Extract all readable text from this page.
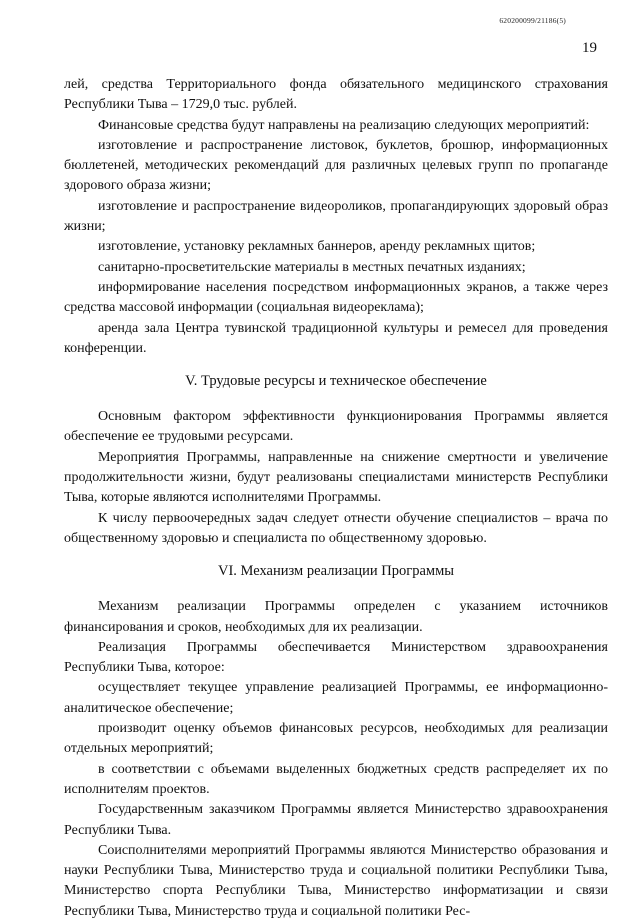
620200099/21186(5)
19

лей, средства Территориального фонда обязательного медицинского страхования Республики Тыва – 1729,0 тыс. рублей.

Финансовые средства будут направлены на реализацию следующих мероприятий:

изготовление и распространение листовок, буклетов, брошюр, информационных бюллетеней, методических рекомендаций для различных целевых групп по пропаганде здорового образа жизни;

изготовление и распространение видеороликов, пропагандирующих здоровый образ жизни;

изготовление, установку рекламных баннеров, аренду рекламных щитов;

санитарно-просветительские материалы в местных печатных изданиях;

информирование населения посредством информационных экранов, а также через средства массовой информации (социальная видеореклама);

аренда зала Центра тувинской традиционной культуры и ремесел для проведения конференции.

V. Трудовые ресурсы и техническое обеспечение

Основным фактором эффективности функционирования Программы является обеспечение ее трудовыми ресурсами.

Мероприятия Программы, направленные на снижение смертности и увеличение продолжительности жизни, будут реализованы специалистами министерств Республики Тыва, которые являются исполнителями Программы.

К числу первоочередных задач следует отнести обучение специалистов – врача по общественному здоровью и специалиста по общественному здоровью.

VI. Механизм реализации Программы

Механизм реализации Программы определен с указанием источников финансирования и сроков, необходимых для их реализации.

Реализация Программы обеспечивается Министерством здравоохранения Республики Тыва, которое:

осуществляет текущее управление реализацией Программы, ее информационно-аналитическое обеспечение;

производит оценку объемов финансовых ресурсов, необходимых для реализации отдельных мероприятий;

в соответствии с объемами выделенных бюджетных средств распределяет их по исполнителям проектов.

Государственным заказчиком Программы является Министерство здравоохранения Республики Тыва.

Соисполнителями мероприятий Программы являются Министерство образования и науки Республики Тыва, Министерство труда и социальной политики Республики Тыва, Министерство спорта Республики Тыва, Министерство информатизации и связи Республики Тыва, Министерство труда и социальной политики Рес-
